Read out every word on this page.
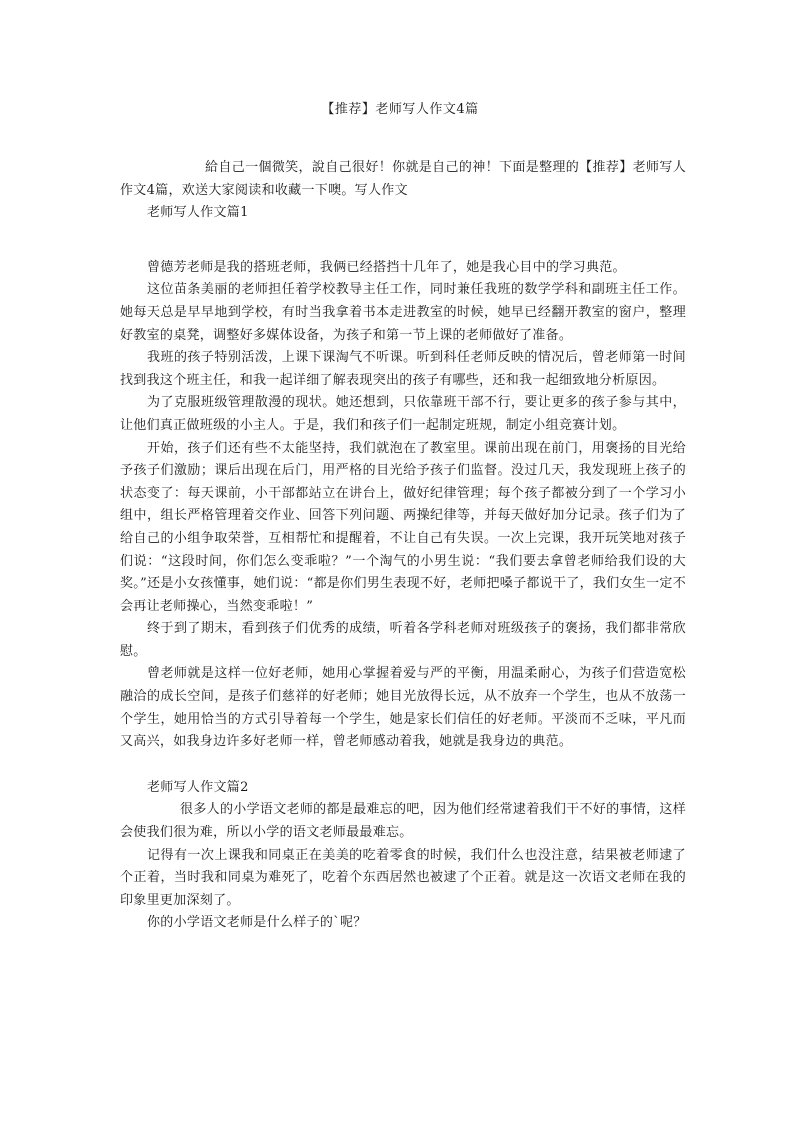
【推荐】老师写人作文4篇

給自己一個微笑，說自己很好！你就是自己的神！下面是整理的【推荐】老师写人作文4篇，欢送大家阅读和收藏一下噢。写人作文

老师写人作文篇1

曾德芳老师是我的搭班老师，我俩已经搭挡十几年了，她是我心目中的学习典范。

这位苗条美丽的老师担任着学校教导主任工作，同时兼任我班的数学学科和副班主任工作。她每天总是早早地到学校，有时当我拿着书本走进教室的时候，她早已经翻开教室的窗户，整理好教室的桌凳，调整好多媒体设备，为孩子和第一节上课的老师做好了准备。

我班的孩子特别活泼，上课下课淘气不听课。听到科任老师反映的情况后，曾老师第一时间找到我这个班主任，和我一起详细了解表现突出的孩子有哪些，还和我一起细致地分析原因。

为了克服班级管理散漫的现状。她还想到，只依靠班干部不行，要让更多的孩子参与其中，让他们真正做班级的小主人。于是，我们和孩子们一起制定班规，制定小组竞赛计划。

开始，孩子们还有些不太能坚持，我们就泡在了教室里。课前出现在前门，用褒扬的目光给予孩子们激励；课后出现在后门，用严格的目光给予孩子们监督。没过几天，我发现班上孩子的状态变了：每天课前，小干部都站立在讲台上，做好纪律管理；每个孩子都被分到了一个学习小组中，组长严格管理着交作业、回答下列问题、两操纪律等，并每天做好加分记录。孩子们为了给自己的小组争取荣誉，互相帮忙和提醒着，不让自己有失误。一次上完课，我开玩笑地对孩子们说：“这段时间，你们怎么变乖啦？”一个淘气的小男生说：“我们要去拿曾老师给我们设的大奖。”还是小女孩懂事，她们说：“都是你们男生表现不好，老师把嗓子都说干了，我们女生一定不会再让老师操心，当然变乖啦！”

终于到了期末，看到孩子们优秀的成绩，听着各学科老师对班级孩子的褒扬，我们都非常欣慰。

曾老师就是这样一位好老师，她用心掌握着爱与严的平衡，用温柔耐心，为孩子们营造宽松融洽的成长空间，是孩子们慈祥的好老师；她目光放得长远，从不放弃一个学生，也从不放荡一个学生，她用恰当的方式引导着每一个学生，她是家长们信任的好老师。平淡而不乏味，平凡而又高兴，如我身边许多好老师一样，曾老师感动着我，她就是我身边的典范。

老师写人作文篇2

很多人的小学语文老师的都是最难忘的吧，因为他们经常逮着我们干不好的事情，这样会使我们很为难，所以小学的语文老师最最难忘。

记得有一次上课我和同桌正在美美的吃着零食的时候，我们什么也没注意，结果被老师逮了个正着，当时我和同桌为难死了，吃着个东西居然也被逮了个正着。就是这一次语文老师在我的印象里更加深刻了。

你的小学语文老师是什么样子的`呢？
